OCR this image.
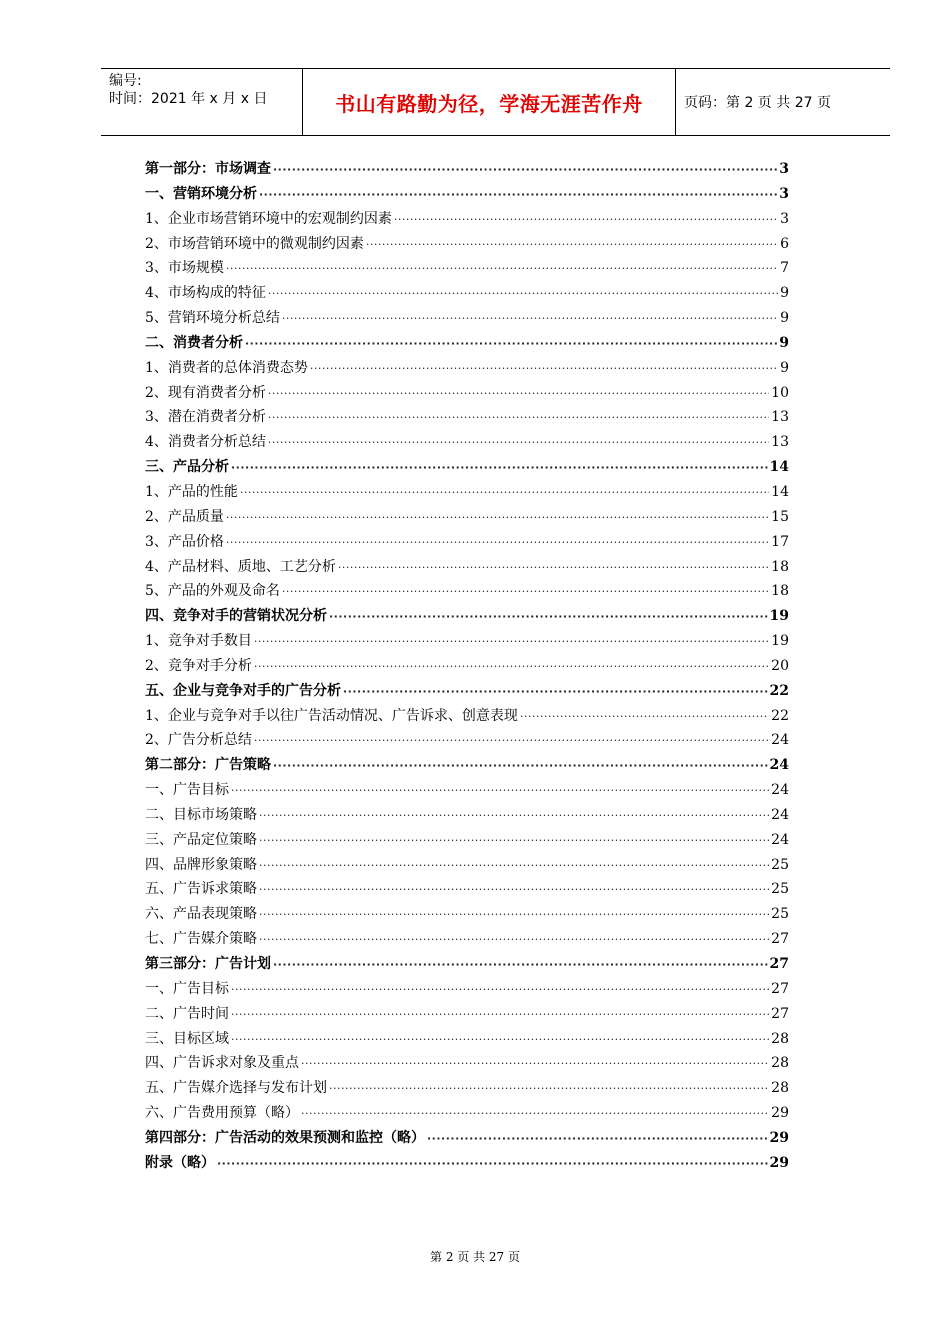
编号:
时间：2021 年 x 月 x 日	书山有路勤为径，学海无涯苦作舟	页码：第 2 页 共 27 页
第一部分：市场调查 ·····	3
一、营销环境分析 ·····	3
1、企业市场营销环境中的宏观制约因素 ·····	3
2、市场营销环境中的微观制约因素 ·····	6
3、市场规模 ·····	7
4、市场构成的特征 ·····	9
5、营销环境分析总结 ·····	9
二、消费者分析 ·····	9
1、消费者的总体消费态势 ·····	9
2、现有消费者分析 ·····	10
3、潜在消费者分析 ·····	13
4、消费者分析总结 ·····	13
三、产品分析 ·····	14
1、产品的性能 ·····	14
2、产品质量 ·····	15
3、产品价格 ·····	17
4、产品材料、质地、工艺分析 ·····	18
5、产品的外观及命名 ·····	18
四、竞争对手的营销状况分析 ·····	19
1、竞争对手数目 ·····	19
2、竞争对手分析 ·····	20
五、企业与竞争对手的广告分析 ·····	22
1、企业与竞争对手以往广告活动情况、广告诉求、创意表现 ·····	22
2、广告分析总结 ·····	24
第二部分：广告策略 ·····	24
一、广告目标 ·····	24
二、目标市场策略 ·····	24
三、产品定位策略 ·····	24
四、品牌形象策略 ·····	25
五、广告诉求策略 ·····	25
六、产品表现策略 ·····	25
七、广告媒介策略 ·····	27
第三部分：广告计划 ·····	27
一、广告目标 ·····	27
二、广告时间 ·····	27
三、目标区域 ·····	28
四、广告诉求对象及重点 ·····	28
五、广告媒介选择与发布计划 ·····	28
六、广告费用预算（略） ·····	29
第四部分：广告活动的效果预测和监控（略） ·····	29
附录（略） ·····	29
第 2 页 共 27 页
